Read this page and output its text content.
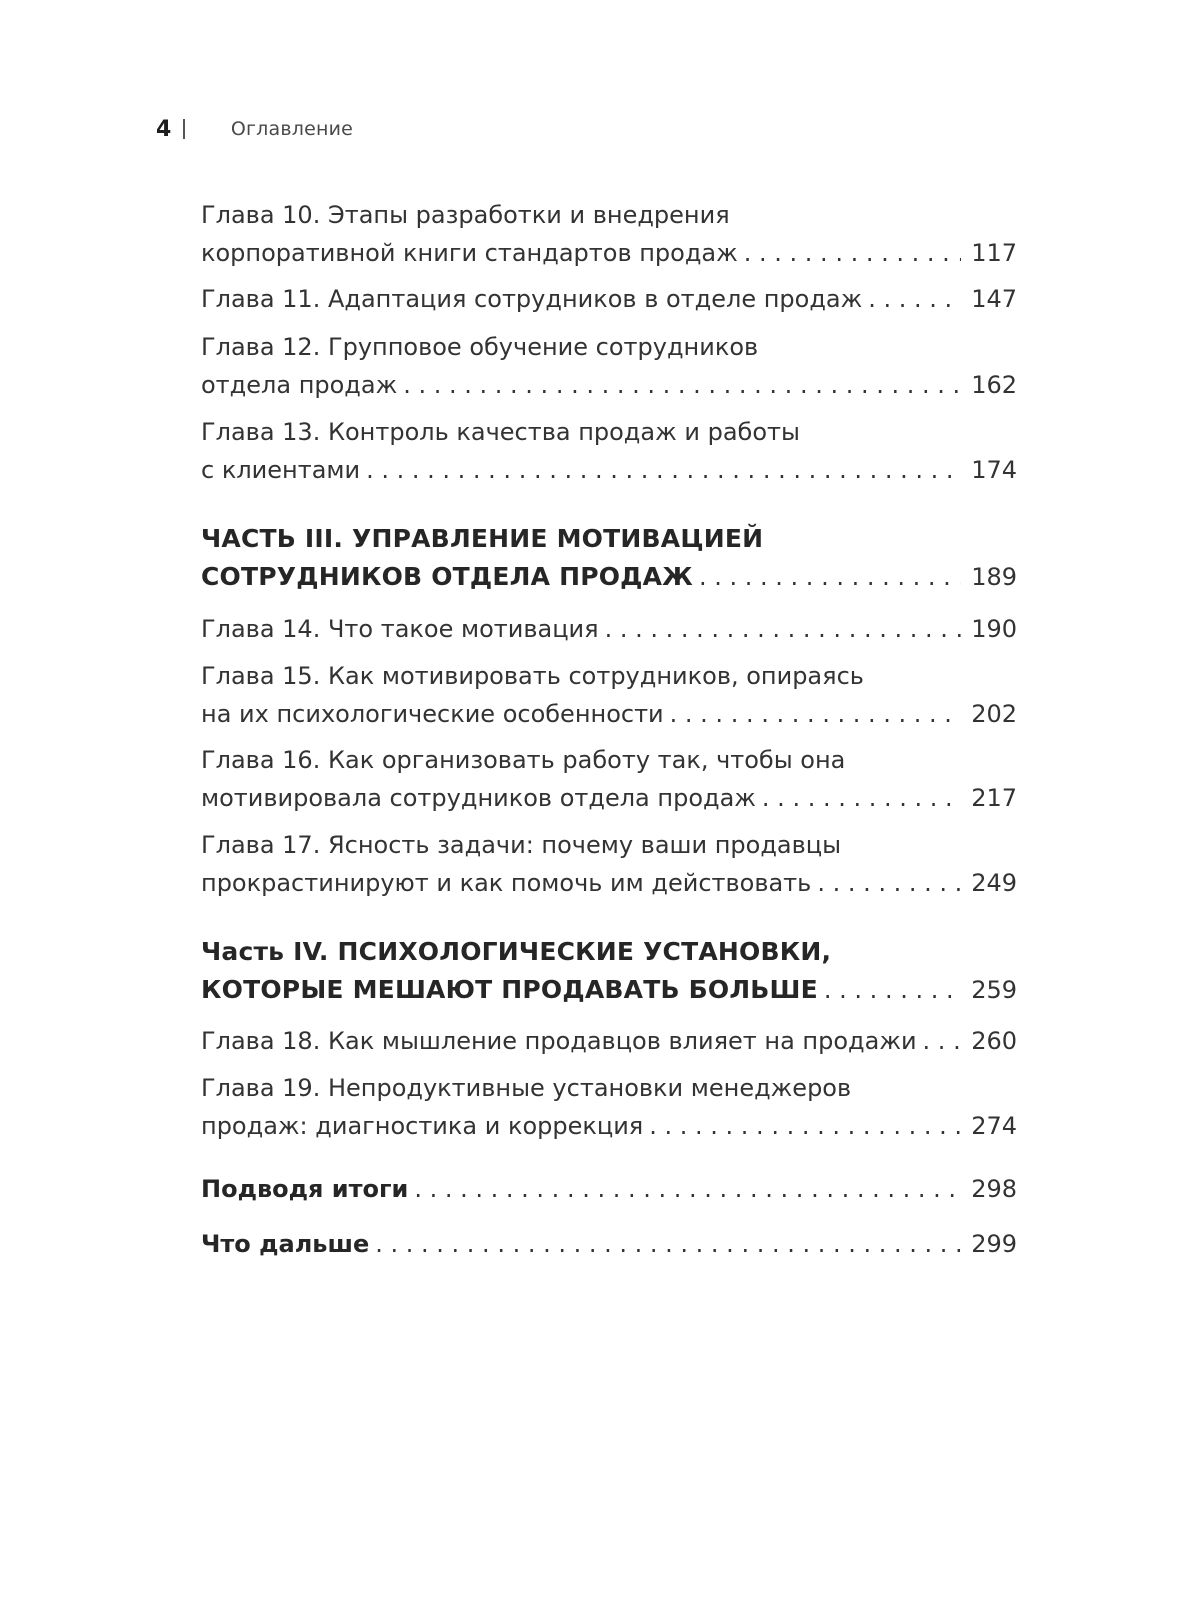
4	Оглавление
Глава 10. Этапы разработки и внедрения
корпоративной книги стандартов продаж . . .	117
Глава 11. Адаптация сотрудников в отделе продаж . . .	147
Глава 12. Групповое обучение сотрудников
отдела продаж . . .	162
Глава 13. Контроль качества продаж и работы
с клиентами . . .	174
ЧАСТЬ III. УПРАВЛЕНИЕ МОТИВАЦИЕЙ
СОТРУДНИКОВ ОТДЕЛА ПРОДАЖ . . .	189
Глава 14. Что такое мотивация . . .	190
Глава 15. Как мотивировать сотрудников, опираясь
на их психологические особенности . . .	202
Глава 16. Как организовать работу так, чтобы она
мотивировала сотрудников отдела продаж . . .	217
Глава 17. Ясность задачи: почему ваши продавцы
прокрастинируют и как помочь им действовать . . .	249
Часть IV. ПСИХОЛОГИЧЕСКИЕ УСТАНОВКИ,
КОТОРЫЕ МЕШАЮТ ПРОДАВАТЬ БОЛЬШЕ . . .	259
Глава 18. Как мышление продавцов влияет на продажи . . . 260
Глава 19. Непродуктивные установки менеджеров
продаж: диагностика и коррекция . . .	274
Подводя итоги . . .	298
Что дальше . . .	299
